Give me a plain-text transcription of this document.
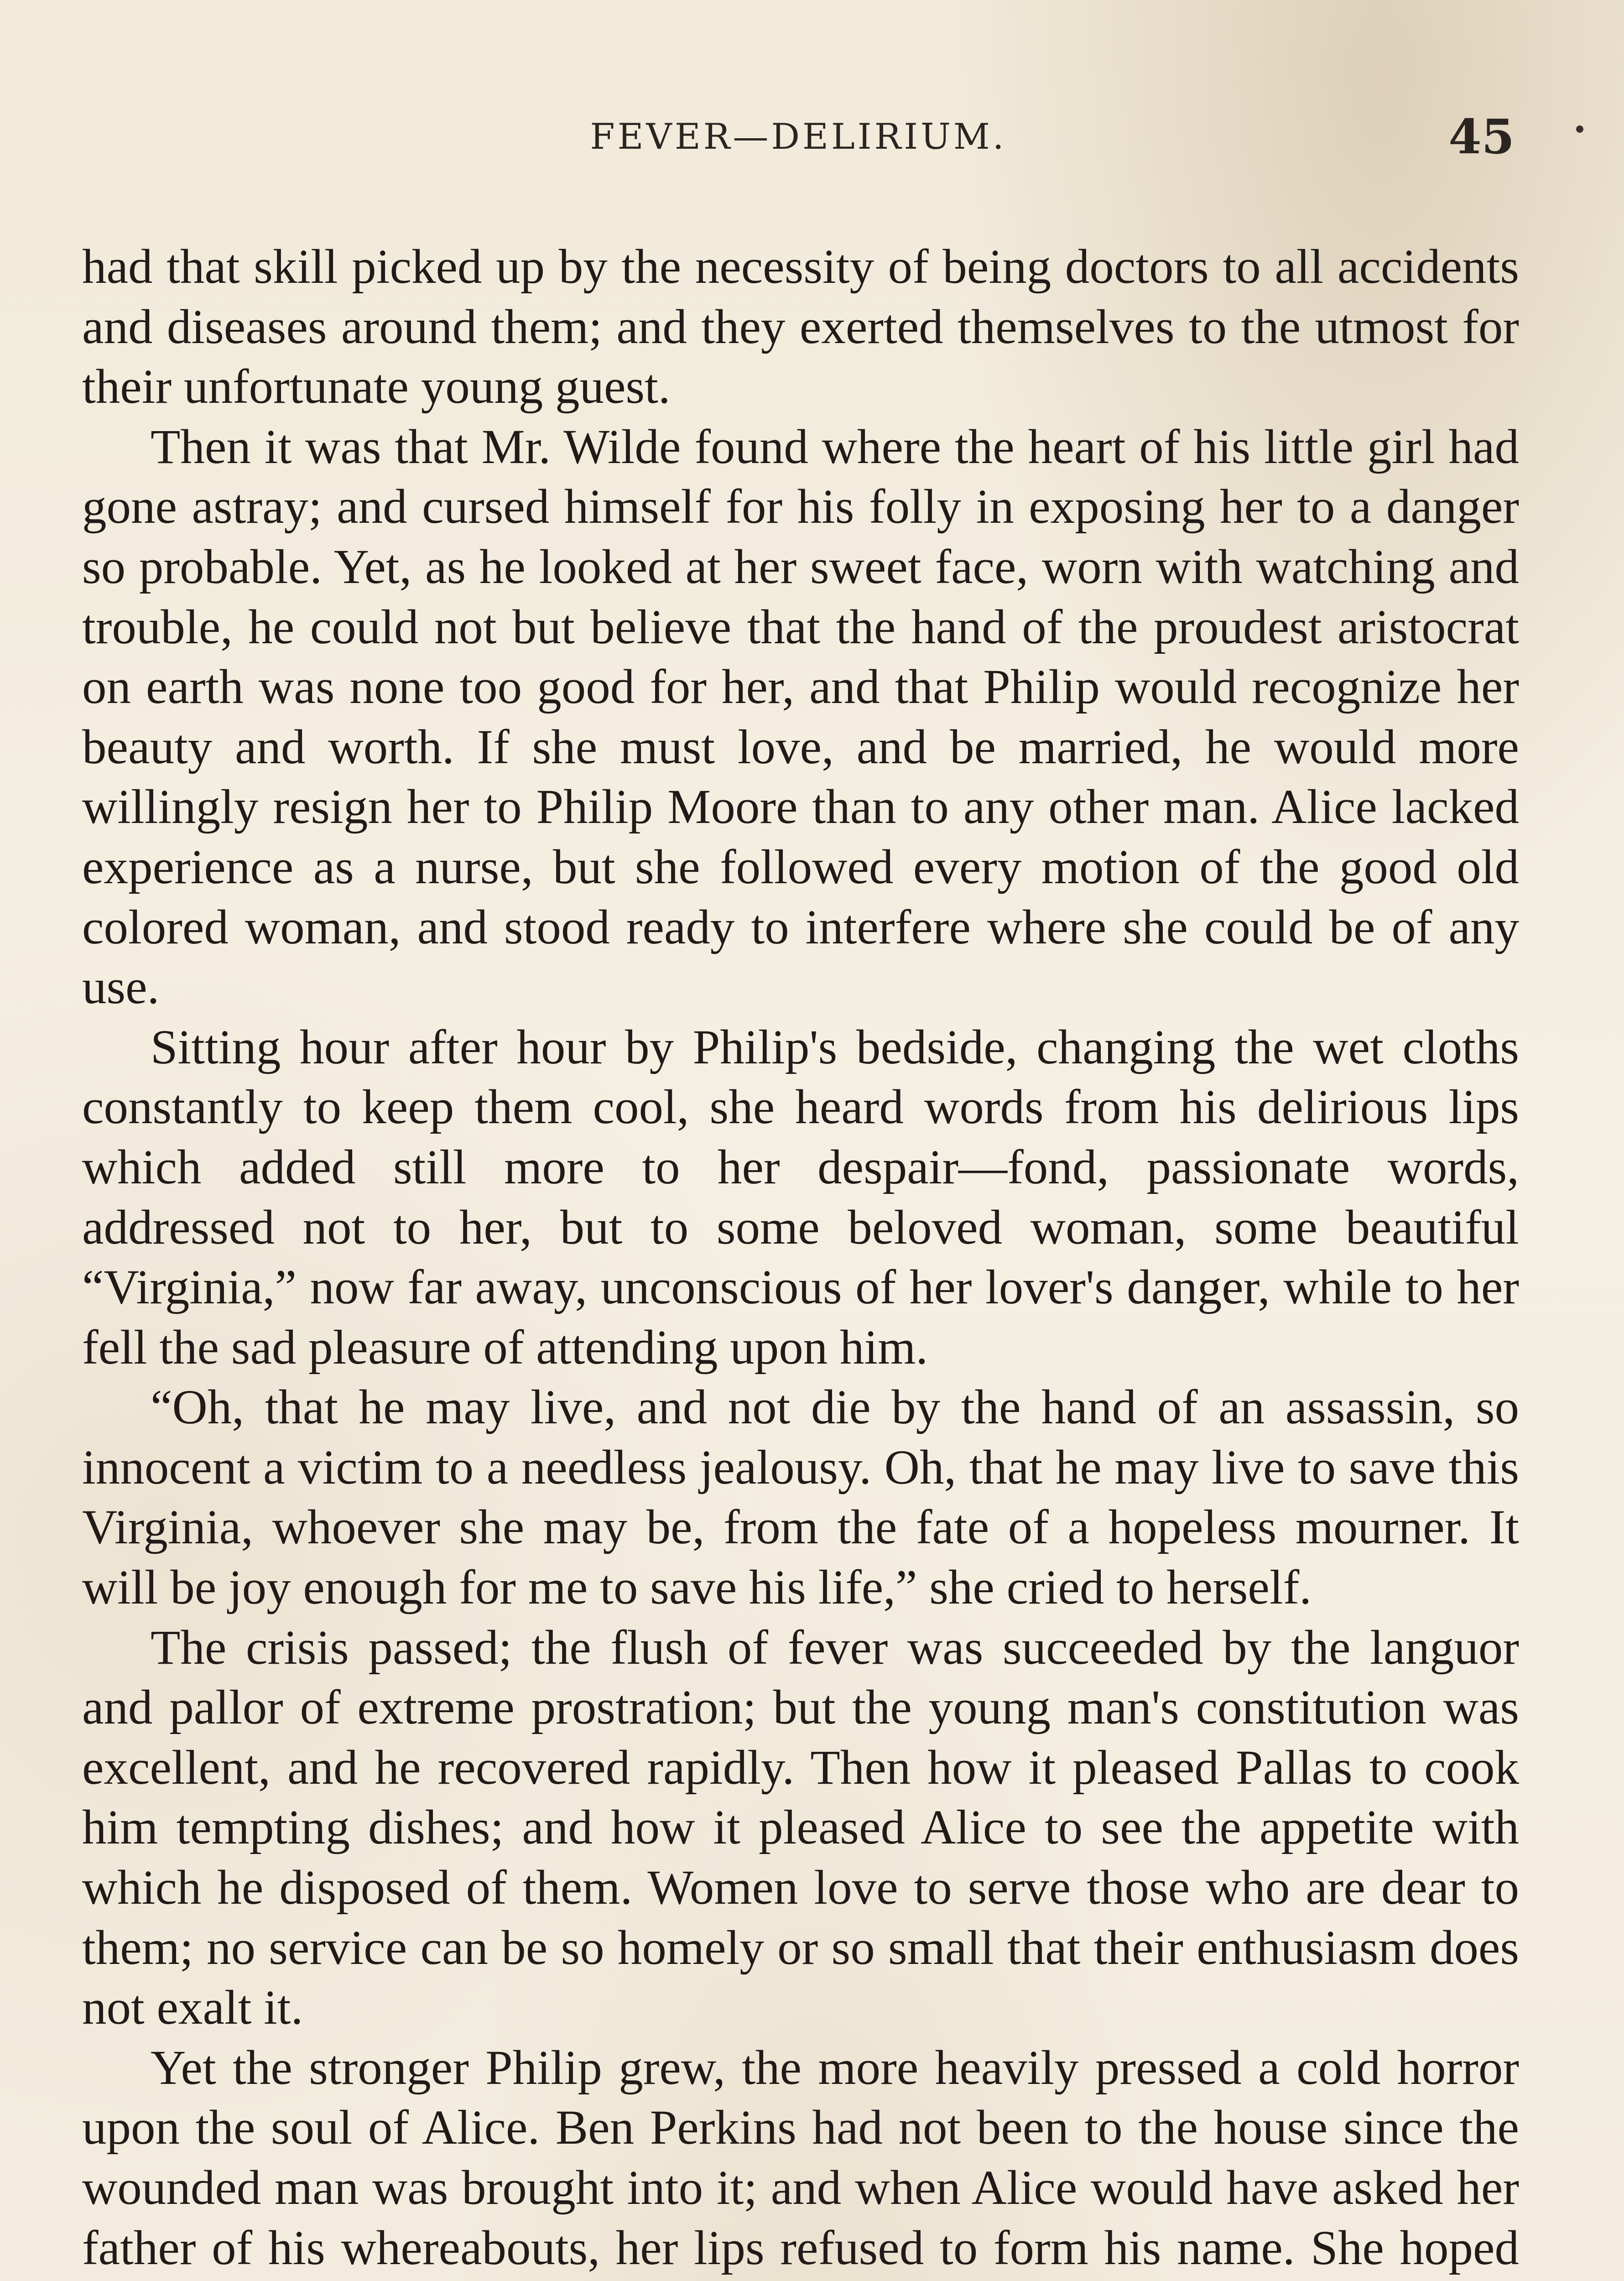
FEVER—DELIRIUM.	45

had that skill picked up by the necessity of being doctors to all accidents and diseases around them; and they exerted themselves to the utmost for their unfortunate young guest.

Then it was that Mr. Wilde found where the heart of his little girl had gone astray; and cursed himself for his folly in exposing her to a danger so probable. Yet, as he looked at her sweet face, worn with watching and trouble, he could not but believe that the hand of the proudest aristocrat on earth was none too good for her, and that Philip would recognize her beauty and worth. If she must love, and be married, he would more willingly resign her to Philip Moore than to any other man. Alice lacked experience as a nurse, but she followed every motion of the good old colored woman, and stood ready to interfere where she could be of any use.

Sitting hour after hour by Philip's bedside, changing the wet cloths constantly to keep them cool, she heard words from his delirious lips which added still more to her despair—fond, passionate words, addressed not to her, but to some beloved woman, some beautiful “Virginia,” now far away, unconscious of her lover's danger, while to her fell the sad pleasure of attending upon him.

“Oh, that he may live, and not die by the hand of an assassin, so innocent a victim to a needless jealousy. Oh, that he may live to save this Virginia, whoever she may be, from the fate of a hopeless mourner. It will be joy enough for me to save his life,” she cried to herself.

The crisis passed; the flush of fever was succeeded by the languor and pallor of extreme prostration; but the young man's constitution was excellent, and he recovered rapidly. Then how it pleased Pallas to cook him tempting dishes; and how it pleased Alice to see the appetite with which he disposed of them. Women love to serve those who are dear to them; no service can be so homely or so small that their enthusiasm does not exalt it.

Yet the stronger Philip grew, the more heavily pressed a cold horror upon the soul of Alice. Ben Perkins had not been to the house since the wounded man was brought into it; and when Alice would have asked her father of his whereabouts, her lips refused to form his name. She hoped
